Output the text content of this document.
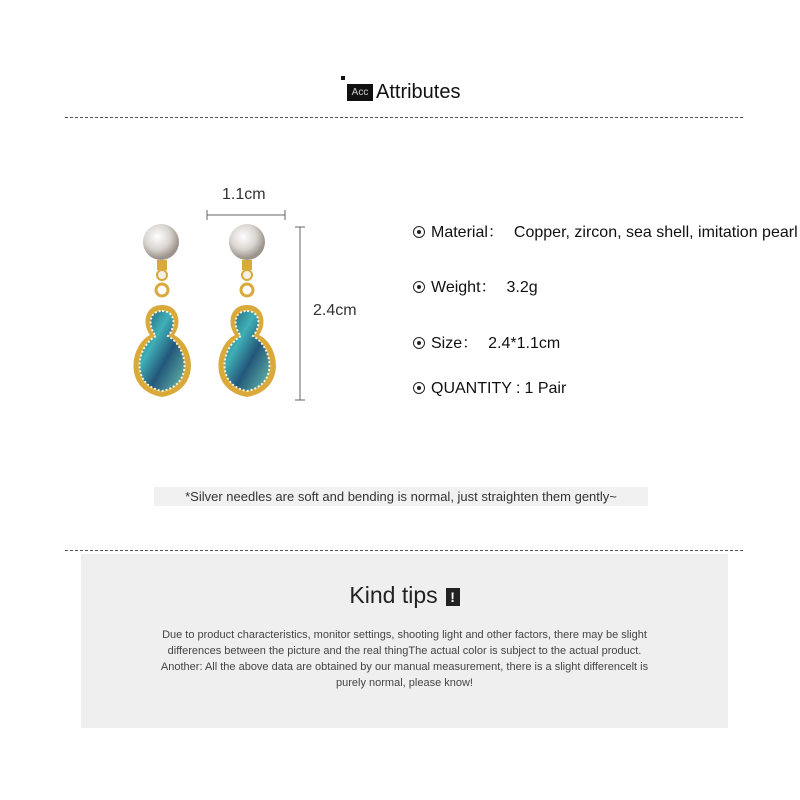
Acc Attributes
1.1cm
2.4cm
Material： Copper, zircon, sea shell, imitation pearl
Weight： 3.2g
Size： 2.4*1.1cm
QUANTITY : 1 Pair
*Silver needles are soft and bending is normal, just straighten them gently~
Kind tips !
Due to product characteristics, monitor settings, shooting light and other factors, there may be slight
differences between the picture and the real thingThe actual color is subject to the actual product.
Another: All the above data are obtained by our manual measurement, there is a slight differencelt is
purely normal, please know!
